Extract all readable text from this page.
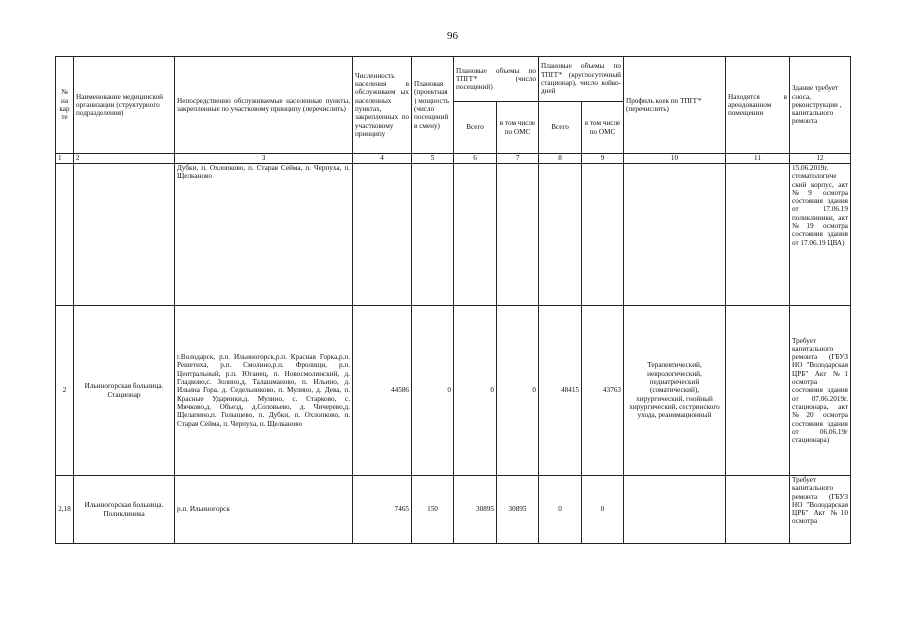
96
№ на кар те	Наименование медицинской организации (структурного подразделения)	Непосредственно обслуживаемые населенные пункты, закрепленные по участковому принципу (перечислить)	Численность населения в обслуживаем ых населенных пунктах, закрепленных по участковому принципу	Плановая (проектная ) мощность (число посещений в смену)	Плановые объемы по ТПГГ* (число посещений)		Плановые объемы по ТПГГ* (круглосуточный стационар), число койко-дней		Профиль коек по ТПГГ* (перечислить)	Находятся в арендованном помещении	Здание требует сноса, реконструкции , капитального ремонта
					Всего	в том числе по ОМС	Всего	в том числе по ОМС			
1	2	3	4	5	6	7	8	9	10	11	12
		Дубки, п. Охлопково, п. Старая Сейма, п. Черпуха, п. Щелканово									15.06.2019г. стоматологиче ский корпус, акт №9 осмотра состояния здания от 17.06.19 поликлиники, акт №19 осмотра состояния здания от 17.06.19 ЦВА)
2	Ильиногорская больница. Стационар	г.Володарск, р.п. Ильиногорск,р.п. Красная Горка,р.п. Решетиха, р.п. Смолино,р.п. Фролищи, р.п. Центральный, р.п. Юганец, п. Новосмолинский, д. Гладково,с. Золино,д. Талашманово, п. Ильино, д. Ильина Гора, д. Седельниково, п. Мулино, д. Дева, п. Красные Ударники,д. Мулино, с. Старково, с. Мячково,д. Объезд, д.Соловьево, д. Чичерево,д. Щелапино,п. Голышево, п. Дубки, п. Охлопково, п. Старая Сейма, п. Черпуха, п. Щелканово	44586	0	0	0	48415	43763	Терапевтический, неврологический, педиатрический (соматический), хирургический, гнойный хирургический, сестринского ухода, реанимационный		Требует капитального ремонта (ГБУЗ НО "Володарская ЦРБ" Акт №1 осмотра состояния здания от 07.06.2019г. стационара, акт №20 осмотра состояния здания от 06.06.19г стационара)
2,18	Ильиногорская больница. Поликлиника	р.п. Ильиногорск	7465	150	30895	30895	0	0			Требует капитального ремонта (ГБУЗ НО "Володарская ЦРБ" Акт №10 осмотра
